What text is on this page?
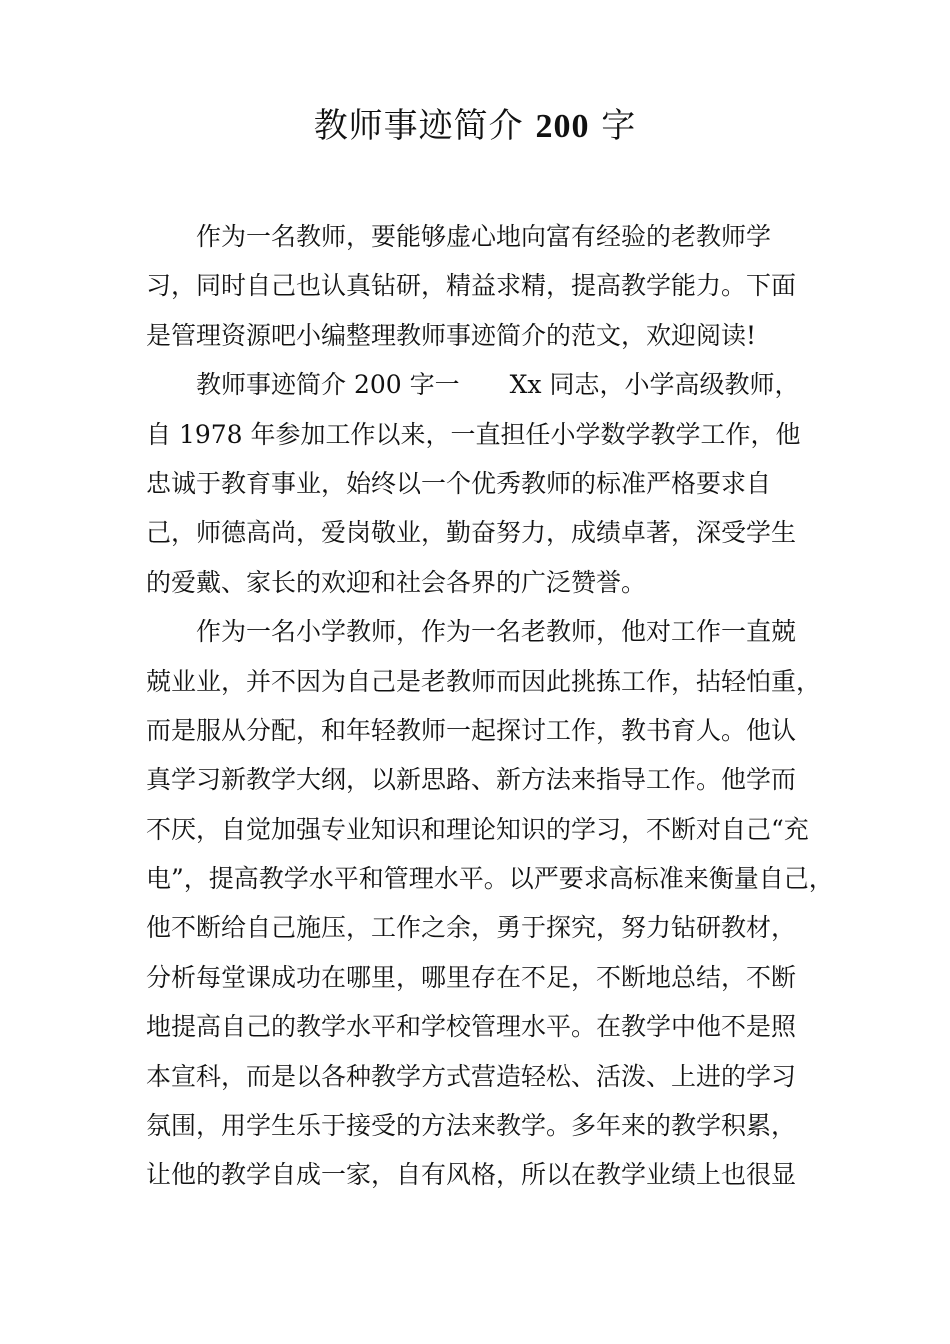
教师事迹简介 200 字
作为一名教师，要能够虚心地向富有经验的老教师学
习，同时自己也认真钻研，精益求精，提高教学能力。下面
是管理资源吧小编整理教师事迹简介的范文，欢迎阅读!
教师事迹简介 200 字一　　Xx 同志，小学高级教师，
自 1978 年参加工作以来，一直担任小学数学教学工作，他
忠诚于教育事业，始终以一个优秀教师的标准严格要求自
己，师德高尚，爱岗敬业，勤奋努力，成绩卓著，深受学生
的爱戴、家长的欢迎和社会各界的广泛赞誉。
作为一名小学教师，作为一名老教师，他对工作一直兢
兢业业，并不因为自己是老教师而因此挑拣工作，拈轻怕重，
而是服从分配，和年轻教师一起探讨工作，教书育人。他认
真学习新教学大纲，以新思路、新方法来指导工作。他学而
不厌，自觉加强专业知识和理论知识的学习，不断对自己“充
电”，提高教学水平和管理水平。以严要求高标准来衡量自己，
他不断给自己施压，工作之余，勇于探究，努力钻研教材，
分析每堂课成功在哪里，哪里存在不足，不断地总结，不断
地提高自己的教学水平和学校管理水平。在教学中他不是照
本宣科，而是以各种教学方式营造轻松、活泼、上进的学习
氛围，用学生乐于接受的方法来教学。多年来的教学积累，
让他的教学自成一家，自有风格，所以在教学业绩上也很显
